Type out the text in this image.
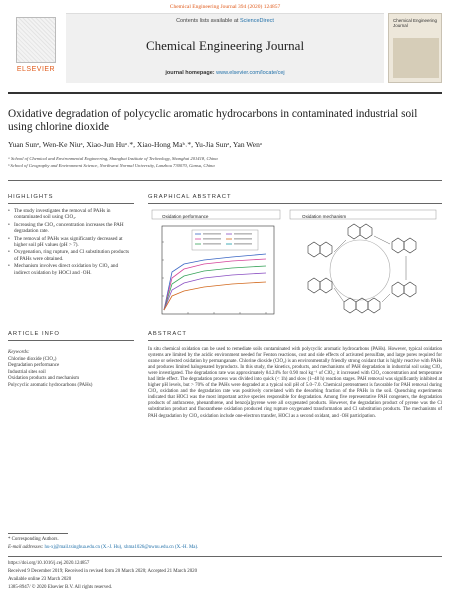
Chemical Engineering Journal 394 (2020) 124857
ELSEVIER
Contents lists available at ScienceDirect
Chemical Engineering Journal
journal homepage: www.elsevier.com/locate/cej
Chemical Engineering Journal
Oxidative degradation of polycyclic aromatic hydrocarbons in contaminated industrial soil using chlorine dioxide
Yuan Sunᵃ, Wen-Ke Niuᵃ, Xiao-Jun Huᵃ˒*, Xiao-Hong Maᵇ˒*, Yu-Jia Sunᵃ, Yan Wenᵃ
ᵃ School of Chemical and Environmental Engineering, Shanghai Institute of Technology, Shanghai 201418, China
ᵇ School of Geography and Environment Science, Northwest Normal University, Lanzhou 730070, Gansu, China
HIGHLIGHTS
• The study investigates the removal of PAHs in contaminated soil using ClO₂.
• Increasing the ClO₂ concentration increases the PAH degradation rate.
• The removal of PAHs was significantly decreased at higher soil pH values (pH > 7).
• Oxygenation, ring rupture, and Cl substitution products of PAHs were obtained.
• Mechanism involves direct oxidation by ClO₂ and indirect oxidation by HOCl and ·OH.
GRAPHICAL ABSTRACT
Oxidation performance	Oxidation mechanism
ARTICLE INFO
Keywords:
Chlorine dioxide (ClO₂)
Degradation performance
Industrial sites soil
Oxidation products and mechanism
Polycyclic aromatic hydrocarbons (PAHs)
ABSTRACT
In situ chemical oxidation can be used to remediate soils contaminated with polycyclic aromatic hydrocarbons (PAHs). However, typical oxidation systems are limited by the acidic environment needed for Fenton reactions, cost and side effects of activated persulfate, and large pores required for ozone or selected oxidation by permanganate. Chlorine dioxide (ClO₂) is an environmentally friendly strong oxidant that is highly reactive with PAHs and produces limited halogenated byproducts. In this study, the kinetics, products, and mechanisms of PAH degradation in industrial soil using ClO₂ were investigated. The degradation rate was approximately 84.24% for 0.90 mol kg⁻¹ of ClO₂; it increased with ClO₂ concentration and temperature had little effect. The degradation process was divided into quick (< 1h) and slow (1–48 h) reaction stages. PAH removal was significantly inhibited at higher pH levels, but > 70% of the PAHs were degraded at a typical soil pH of 5.0–7.0. Chemical pretreatment is favorable for PAH removal during ClO₂ oxidation and the degradation rate was positively correlated with the desorbing fraction of the PAHs in the soil. Quenching experiments indicated that HOCl was the most important active species responsible for degradation. Among five representative PAH congeners, the degradation products of anthracene, phenanthrene, and benzo[a]pyrene were all oxygenated products. However, the degradation product of pyrene was the Cl substitution product and fluoranthene oxidation produced ring rupture oxygenated transformation and Cl substitution products. The mechanisms of PAH degradation by ClO₂ oxidation include one-electron transfer, HOCl as a second oxidant, and ·OH participation.
* Corresponding Authors.
E-mail addresses: hu-xj@mail.tsinghua.edu.cn (X.-J. Hu), xhma1026@nwnu.edu.cn (X.-H. Ma).
https://doi.org/10.1016/j.cej.2020.124857
Received 9 December 2019; Received in revised form 20 March 2020; Accepted 21 March 2020
Available online 23 March 2020
1385-8947/ © 2020 Elsevier B.V. All rights reserved.
